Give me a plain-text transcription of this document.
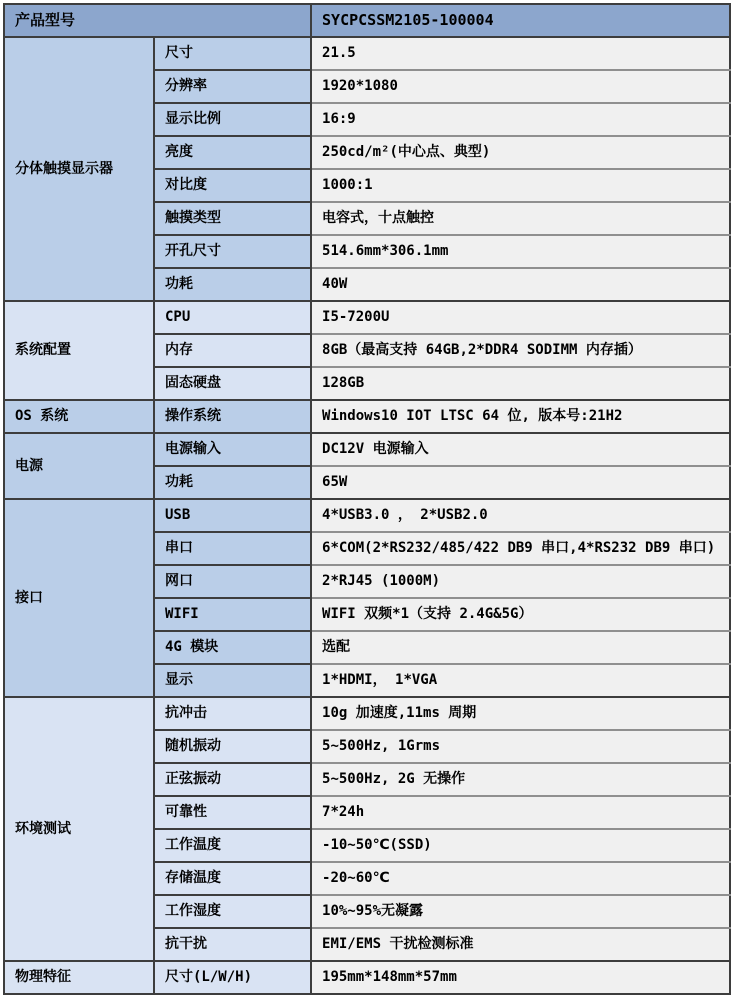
产品型号		SYCPCSSM2105-100004
分体触摸显示器	尺寸	21.5
	分辨率	1920*1080
	显示比例	16:9
	亮度	250cd/m²(中心点、典型)
	对比度	1000:1
	触摸类型	电容式，十点触控
	开孔尺寸	514.6mm*306.1mm
	功耗	40W
系统配置	CPU	I5-7200U
	内存	8GB（最高支持 64GB,2*DDR4 SODIMM 内存插）
	固态硬盘	128GB
OS 系统	操作系统	Windows10 IOT LTSC 64 位, 版本号:21H2
电源	电源输入	DC12V 电源输入
	功耗	65W
接口	USB	4*USB3.0 ， 2*USB2.0
	串口	6*COM(2*RS232/485/422 DB9 串口,4*RS232 DB9 串口)
	网口	2*RJ45 (1000M)
	WIFI	WIFI 双频*1（支持 2.4G&5G）
	4G 模块	选配
	显示	1*HDMI， 1*VGA
环境测试	抗冲击	10g 加速度,11ms 周期
	随机振动	5~500Hz, 1Grms
	正弦振动	5~500Hz, 2G 无操作
	可靠性	7*24h
	工作温度	-10~50℃(SSD)
	存储温度	-20~60℃
	工作湿度	10%~95%无凝露
	抗干扰	EMI/EMS 干扰检测标准
物理特征	尺寸(L/W/H)	195mm*148mm*57mm
